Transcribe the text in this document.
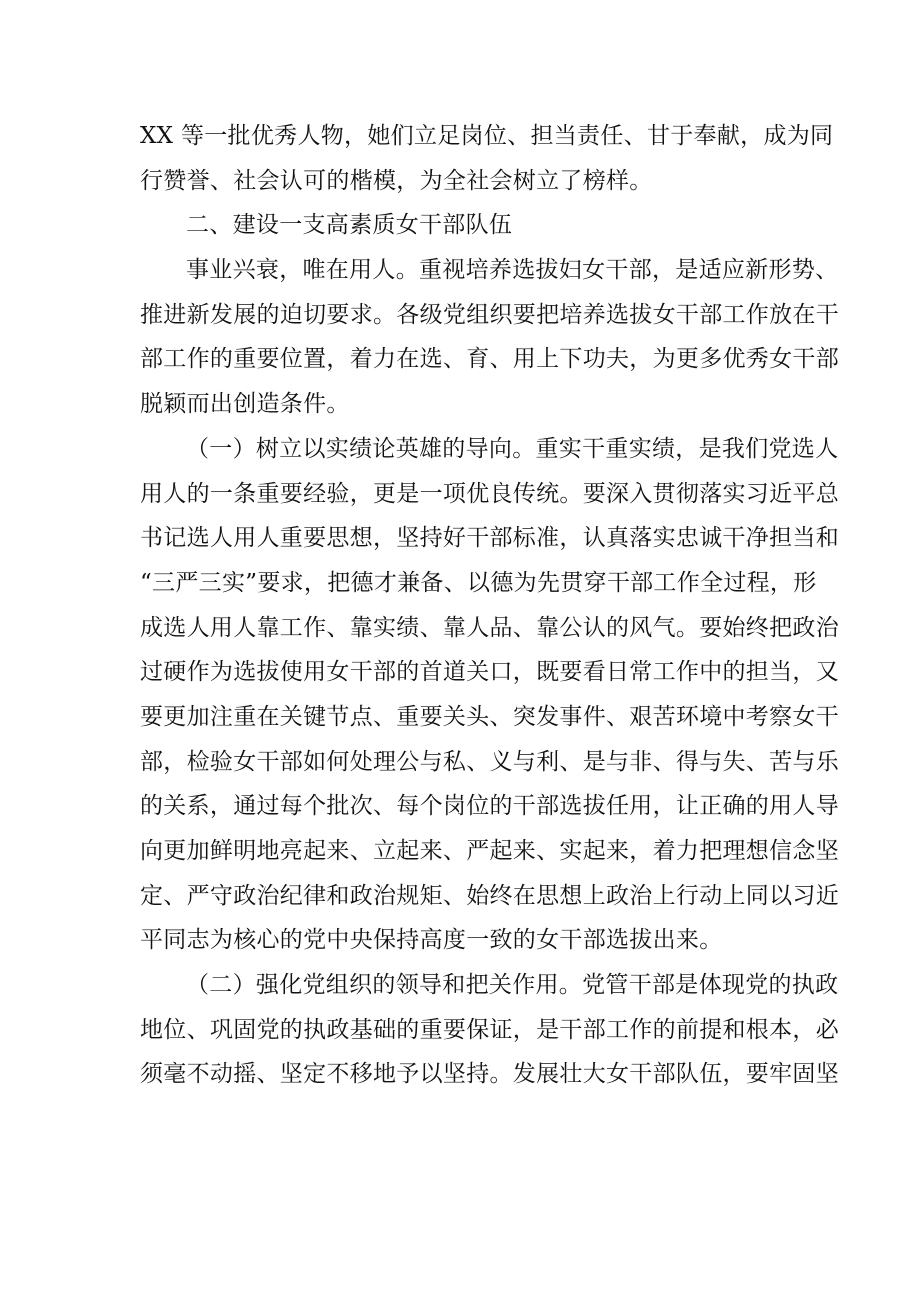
XX 等一批优秀人物，她们立足岗位、担当责任、甘于奉献，成为同
行赞誉、社会认可的楷模，为全社会树立了榜样。
二、建设一支高素质女干部队伍
事业兴衰，唯在用人。重视培养选拔妇女干部，是适应新形势、
推进新发展的迫切要求。各级党组织要把培养选拔女干部工作放在干
部工作的重要位置，着力在选、育、用上下功夫，为更多优秀女干部
脱颖而出创造条件。
（一）树立以实绩论英雄的导向。重实干重实绩，是我们党选人
用人的一条重要经验，更是一项优良传统。要深入贯彻落实习近平总
书记选人用人重要思想，坚持好干部标准，认真落实忠诚干净担当和
“三严三实”要求，把德才兼备、以德为先贯穿干部工作全过程，形
成选人用人靠工作、靠实绩、靠人品、靠公认的风气。要始终把政治
过硬作为选拔使用女干部的首道关口，既要看日常工作中的担当，又
要更加注重在关键节点、重要关头、突发事件、艰苦环境中考察女干
部，检验女干部如何处理公与私、义与利、是与非、得与失、苦与乐
的关系，通过每个批次、每个岗位的干部选拔任用，让正确的用人导
向更加鲜明地亮起来、立起来、严起来、实起来，着力把理想信念坚
定、严守政治纪律和政治规矩、始终在思想上政治上行动上同以习近
平同志为核心的党中央保持高度一致的女干部选拔出来。
（二）强化党组织的领导和把关作用。党管干部是体现党的执政
地位、巩固党的执政基础的重要保证，是干部工作的前提和根本，必
须毫不动摇、坚定不移地予以坚持。发展壮大女干部队伍，要牢固坚
